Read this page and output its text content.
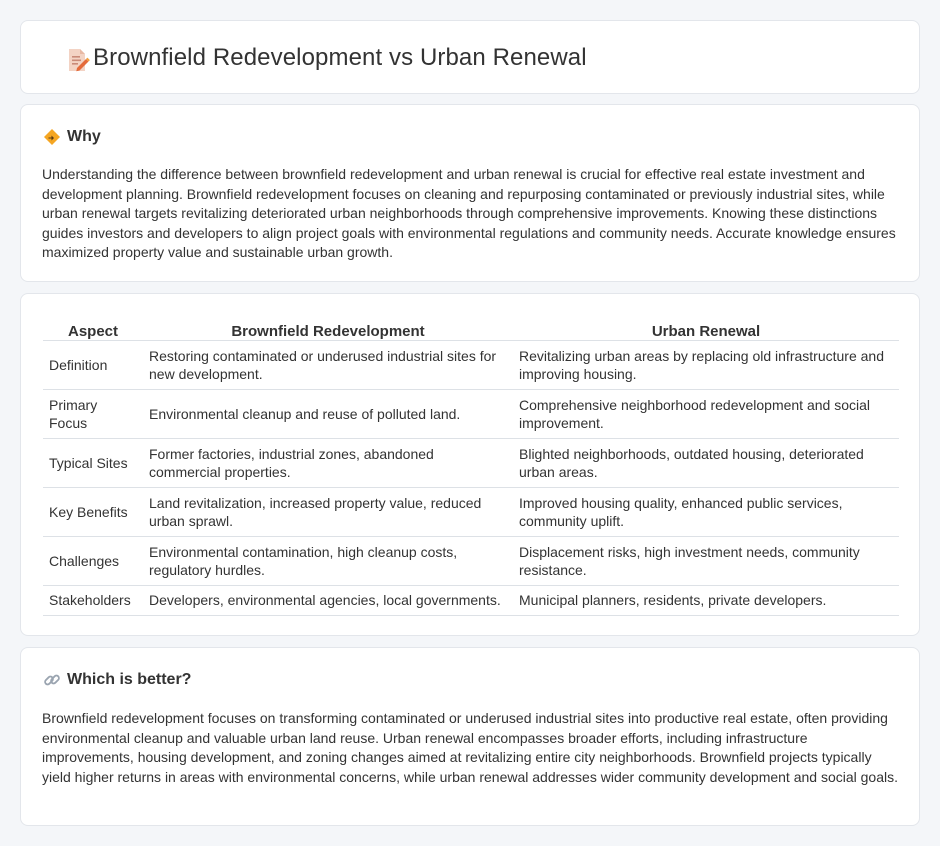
Brownfield Redevelopment vs Urban Renewal
Why

Understanding the difference between brownfield redevelopment and urban renewal is crucial for effective real estate investment and development planning. Brownfield redevelopment focuses on cleaning and repurposing contaminated or previously industrial sites, while urban renewal targets revitalizing deteriorated urban neighborhoods through comprehensive improvements. Knowing these distinctions guides investors and developers to align project goals with environmental regulations and community needs. Accurate knowledge ensures maximized property value and sustainable urban growth.

Aspect	Brownfield Redevelopment	Urban Renewal
Definition	Restoring contaminated or underused industrial sites for new development.	Revitalizing urban areas by replacing old infrastructure and improving housing.
Primary Focus	Environmental cleanup and reuse of polluted land.	Comprehensive neighborhood redevelopment and social improvement.
Typical Sites	Former factories, industrial zones, abandoned commercial properties.	Blighted neighborhoods, outdated housing, deteriorated urban areas.
Key Benefits	Land revitalization, increased property value, reduced urban sprawl.	Improved housing quality, enhanced public services, community uplift.
Challenges	Environmental contamination, high cleanup costs, regulatory hurdles.	Displacement risks, high investment needs, community resistance.
Stakeholders	Developers, environmental agencies, local governments.	Municipal planners, residents, private developers.
Which is better?

Brownfield redevelopment focuses on transforming contaminated or underused industrial sites into productive real estate, often providing environmental cleanup and valuable urban land reuse. Urban renewal encompasses broader efforts, including infrastructure improvements, housing development, and zoning changes aimed at revitalizing entire city neighborhoods. Brownfield projects typically yield higher returns in areas with environmental concerns, while urban renewal addresses wider community development and social goals.
